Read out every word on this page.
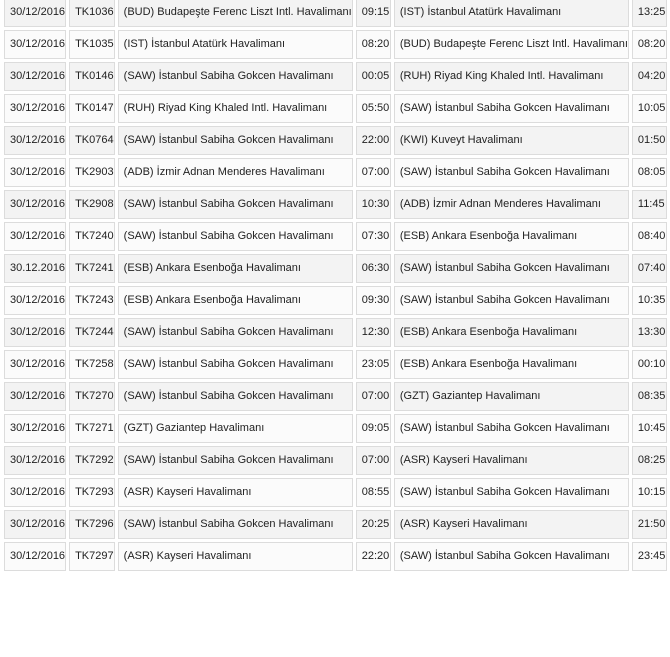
30/12/2016	TK1036	(BUD) Budapeşte Ferenc Liszt Intl. Havalimanı	09:15	(IST) İstanbul Atatürk Havalimanı	13:25
30/12/2016	TK1035	(IST) İstanbul Atatürk Havalimanı	08:20	(BUD) Budapeşte Ferenc Liszt Intl. Havalimanı	08:20
30/12/2016	TK0146	(SAW) İstanbul Sabiha Gokcen Havalimanı	00:05	(RUH) Riyad King Khaled Intl. Havalimanı	04:20
30/12/2016	TK0147	(RUH) Riyad King Khaled Intl. Havalimanı	05:50	(SAW) İstanbul Sabiha Gokcen Havalimanı	10:05
30/12/2016	TK0764	(SAW) İstanbul Sabiha Gokcen Havalimanı	22:00	(KWI) Kuveyt Havalimanı	01:50
30/12/2016	TK2903	(ADB) İzmir Adnan Menderes Havalimanı	07:00	(SAW) İstanbul Sabiha Gokcen Havalimanı	08:05
30/12/2016	TK2908	(SAW) İstanbul Sabiha Gokcen Havalimanı	10:30	(ADB) İzmir Adnan Menderes Havalimanı	11:45
30/12/2016	TK7240	(SAW) İstanbul Sabiha Gokcen Havalimanı	07:30	(ESB) Ankara Esenboğa Havalimanı	08:40
30.12.2016	TK7241	(ESB) Ankara Esenboğa Havalimanı	06:30	(SAW) İstanbul Sabiha Gokcen Havalimanı	07:40
30/12/2016	TK7243	(ESB) Ankara Esenboğa Havalimanı	09:30	(SAW) İstanbul Sabiha Gokcen Havalimanı	10:35
30/12/2016	TK7244	(SAW) İstanbul Sabiha Gokcen Havalimanı	12:30	(ESB) Ankara Esenboğa Havalimanı	13:30
30/12/2016	TK7258	(SAW) İstanbul Sabiha Gokcen Havalimanı	23:05	(ESB) Ankara Esenboğa Havalimanı	00:10
30/12/2016	TK7270	(SAW) İstanbul Sabiha Gokcen Havalimanı	07:00	(GZT) Gaziantep Havalimanı	08:35
30/12/2016	TK7271	(GZT) Gaziantep Havalimanı	09:05	(SAW) İstanbul Sabiha Gokcen Havalimanı	10:45
30/12/2016	TK7292	(SAW) İstanbul Sabiha Gokcen Havalimanı	07:00	(ASR) Kayseri Havalimanı	08:25
30/12/2016	TK7293	(ASR) Kayseri Havalimanı	08:55	(SAW) İstanbul Sabiha Gokcen Havalimanı	10:15
30/12/2016	TK7296	(SAW) İstanbul Sabiha Gokcen Havalimanı	20:25	(ASR) Kayseri Havalimanı	21:50
30/12/2016	TK7297	(ASR) Kayseri Havalimanı	22:20	(SAW) İstanbul Sabiha Gokcen Havalimanı	23:45
